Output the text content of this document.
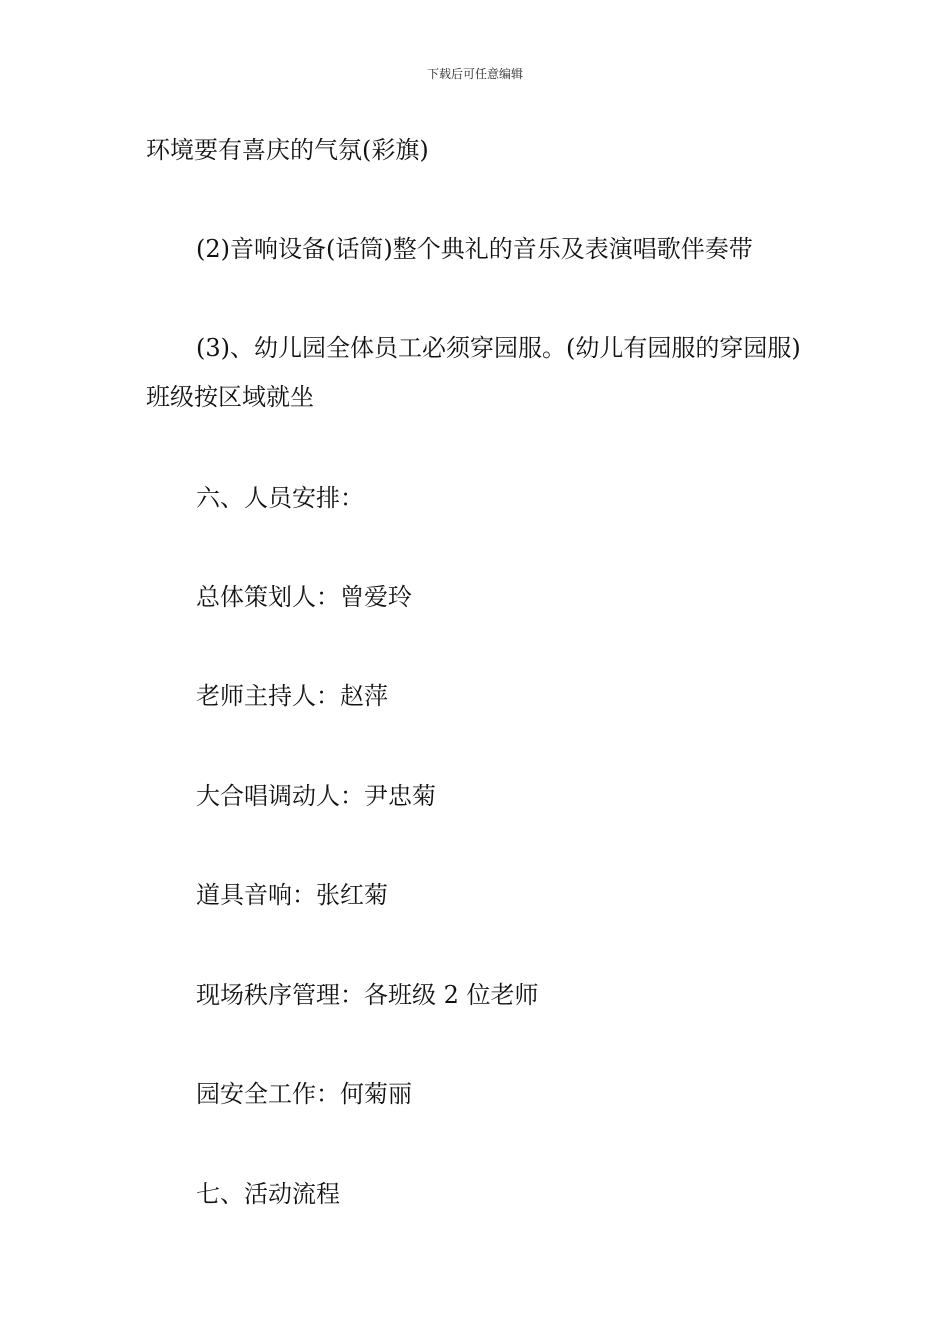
下载后可任意编辑

环境要有喜庆的气氛(彩旗)

(2)音响设备(话筒)整个典礼的音乐及表演唱歌伴奏带

(3)、幼儿园全体员工必须穿园服。(幼儿有园服的穿园服)班级按区域就坐

六、人员安排：

总体策划人：曾爱玲

老师主持人：赵萍

大合唱调动人：尹忠菊

道具音响：张红菊

现场秩序管理：各班级 2 位老师

园安全工作：何菊丽

七、活动流程
